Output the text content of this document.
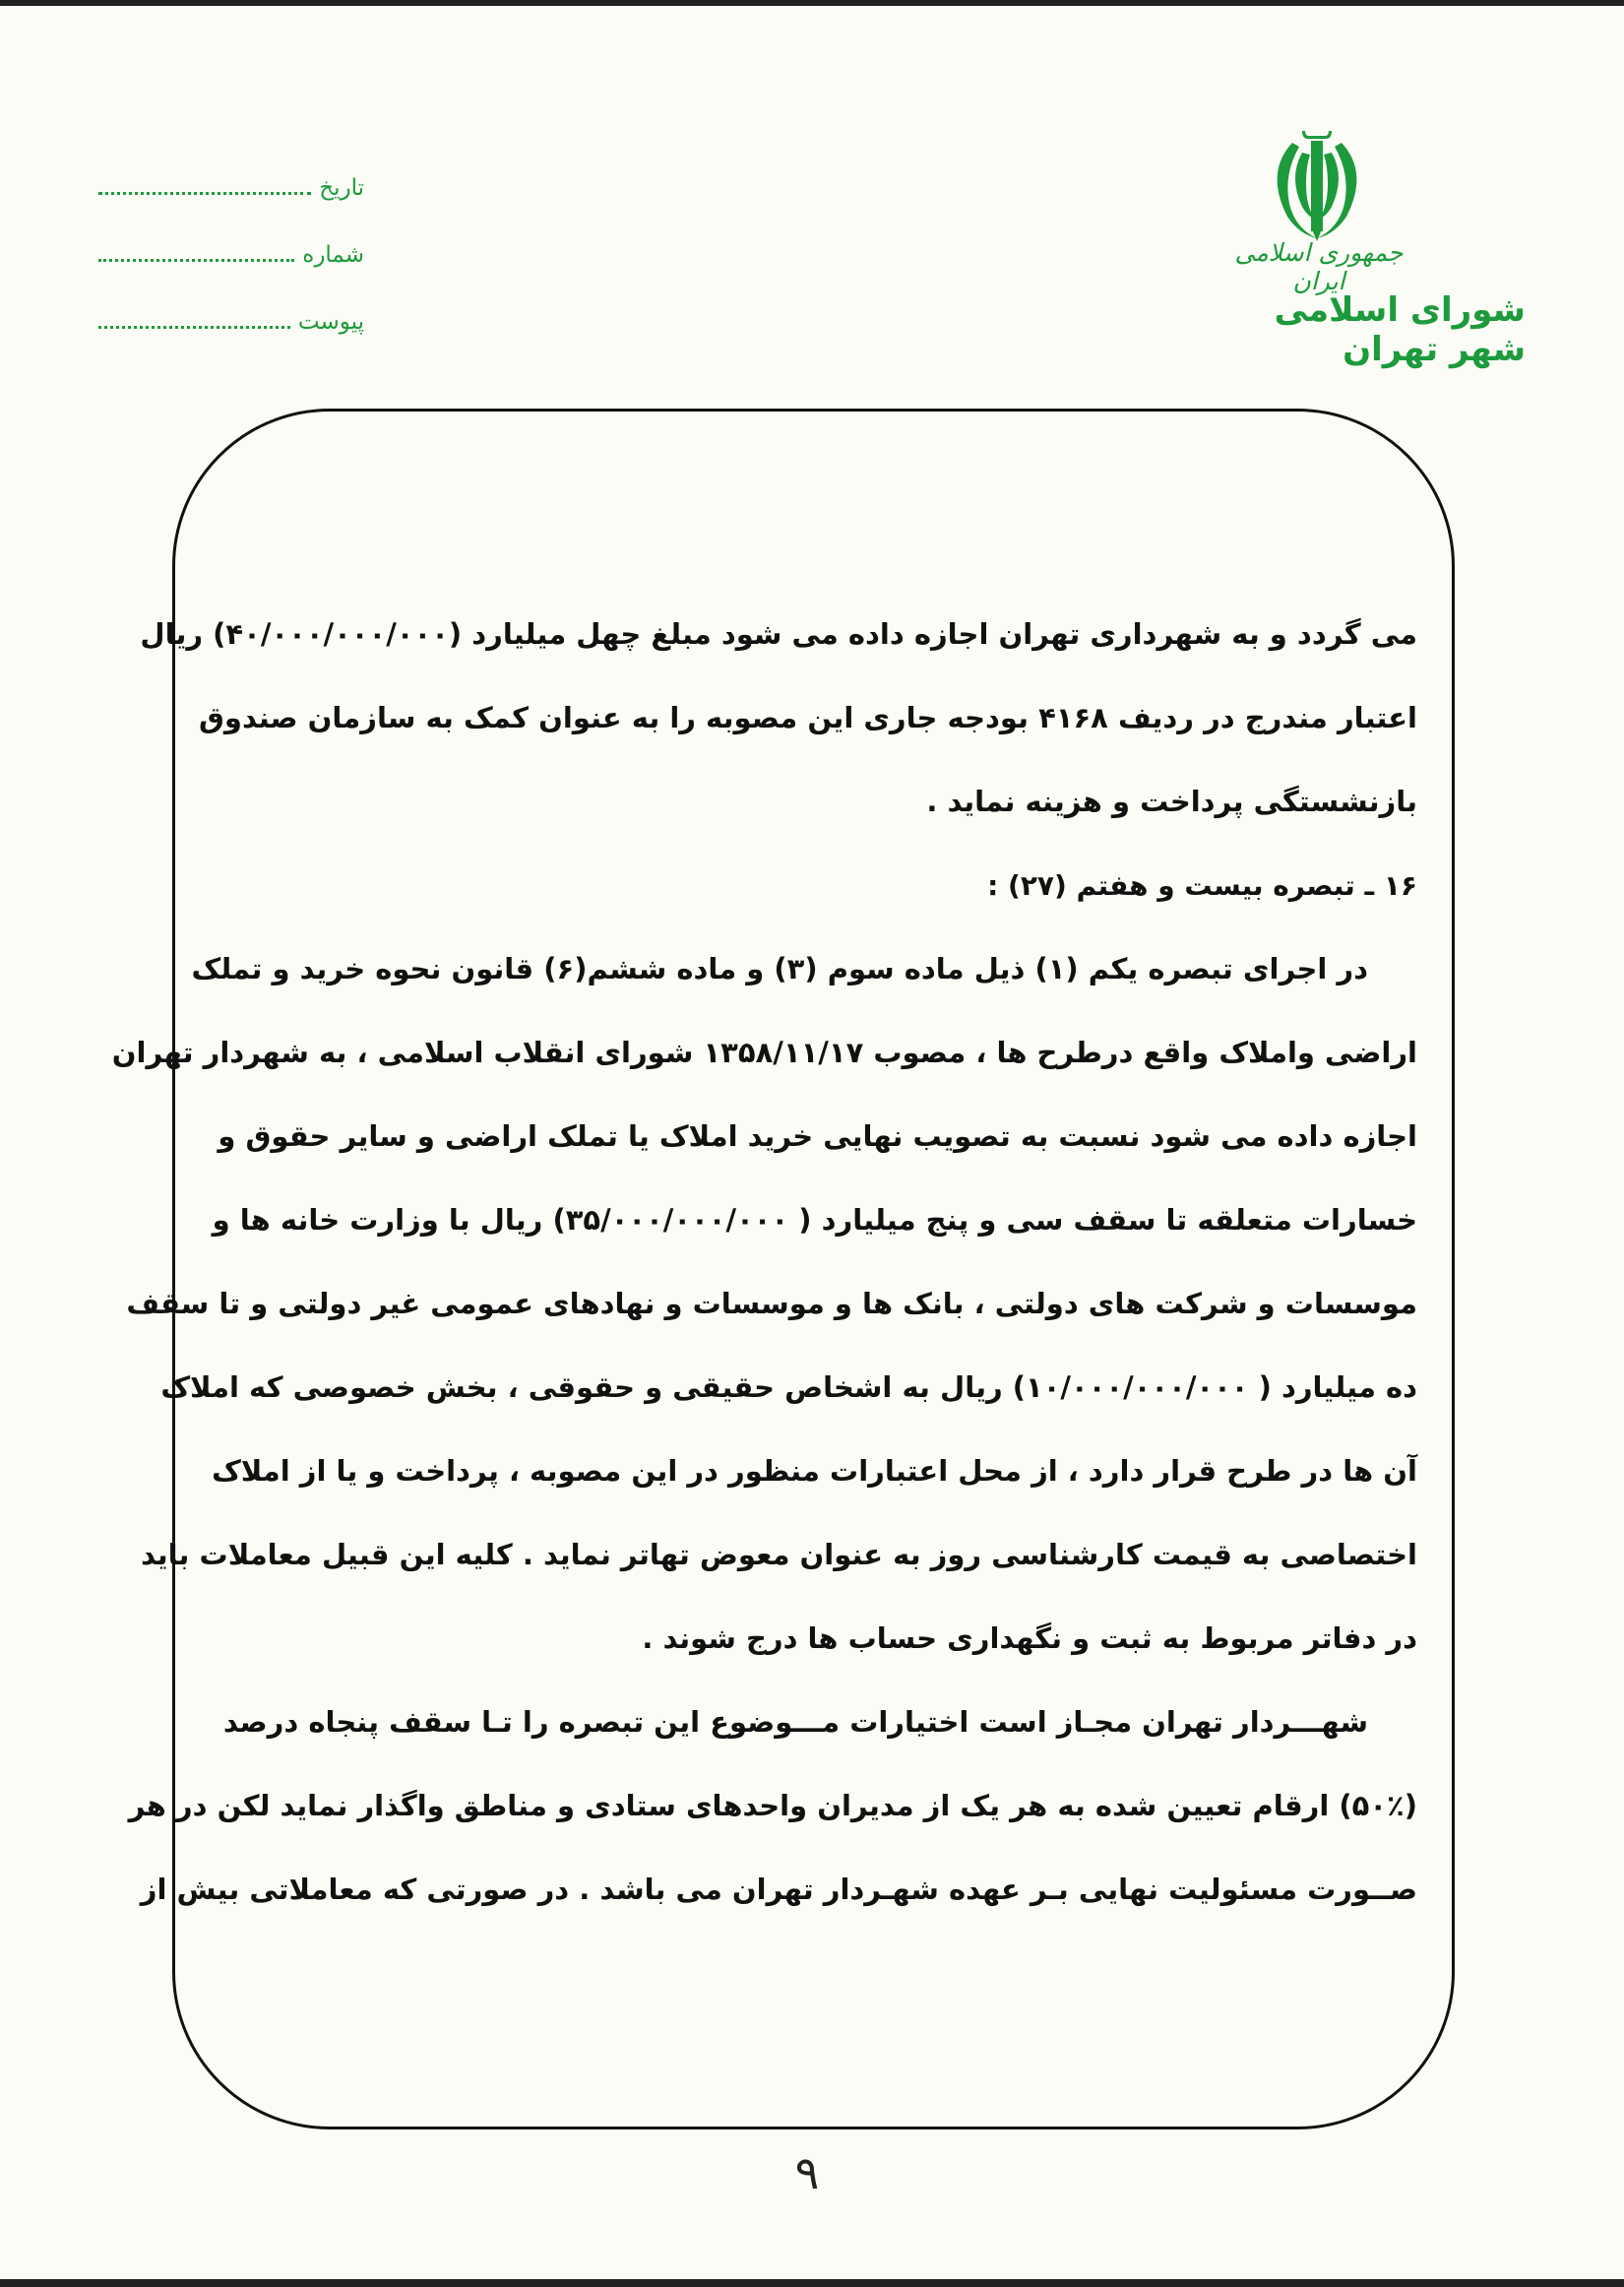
جمهوری اسلامی ایران
شورای اسلامی شهر تهران
تاریخ
شماره
پیوست
می گردد و به شهرداری تهران اجازه داده می شود مبلغ چهل میلیارد (۴۰/۰۰۰/۰۰۰/۰۰۰) ریال
اعتبار مندرج در ردیف ۴۱۶۸ بودجه جاری این مصوبه را به عنوان کمک به سازمان صندوق
بازنشستگی پرداخت و هزینه نماید .
۱۶ ـ تبصره بیست و هفتم (۲۷) :
در اجرای تبصره یکم (۱) ذیل ماده سوم (۳) و ماده ششم(۶) قانون نحوه خرید و تملک
اراضی واملاک واقع درطرح ها ، مصوب ۱۳۵۸/۱۱/۱۷ شورای انقلاب اسلامی ، به شهردار تهران
اجازه داده می شود نسبت به تصویب نهایی خرید املاک یا تملک اراضی و سایر حقوق و
خسارات متعلقه تا سقف سی و پنج میلیارد ( ۳۵/۰۰۰/۰۰۰/۰۰۰) ریال با وزارت خانه ها و
موسسات و شرکت های دولتی ، بانک ها و موسسات و نهادهای عمومی غیر دولتی و تا سقف
ده میلیارد ( ۱۰/۰۰۰/۰۰۰/۰۰۰) ریال به اشخاص حقیقی و حقوقی ، بخش خصوصی که املاک
آن ها در طرح قرار دارد ، از محل اعتبارات منظور در این مصوبه ، پرداخت و یا از املاک
اختصاصی به قیمت کارشناسی روز به عنوان معوض تهاتر نماید . کلیه این قبیل معاملات باید
در دفاتر مربوط به ثبت و نگهداری حساب ها درج شوند .
شهـــردار تهران مجـاز است اختیارات مـــوضوع این تبصره را تـا سقف پنجاه درصد
(۵۰٪) ارقام تعیین شده به هر یک از مدیران واحدهای ستادی و مناطق واگذار نماید لکن در هر
صــورت مسئولیت نهایی بـر عهده شهـردار تهران می باشد . در صورتی که معاملاتی بیش از
۹
